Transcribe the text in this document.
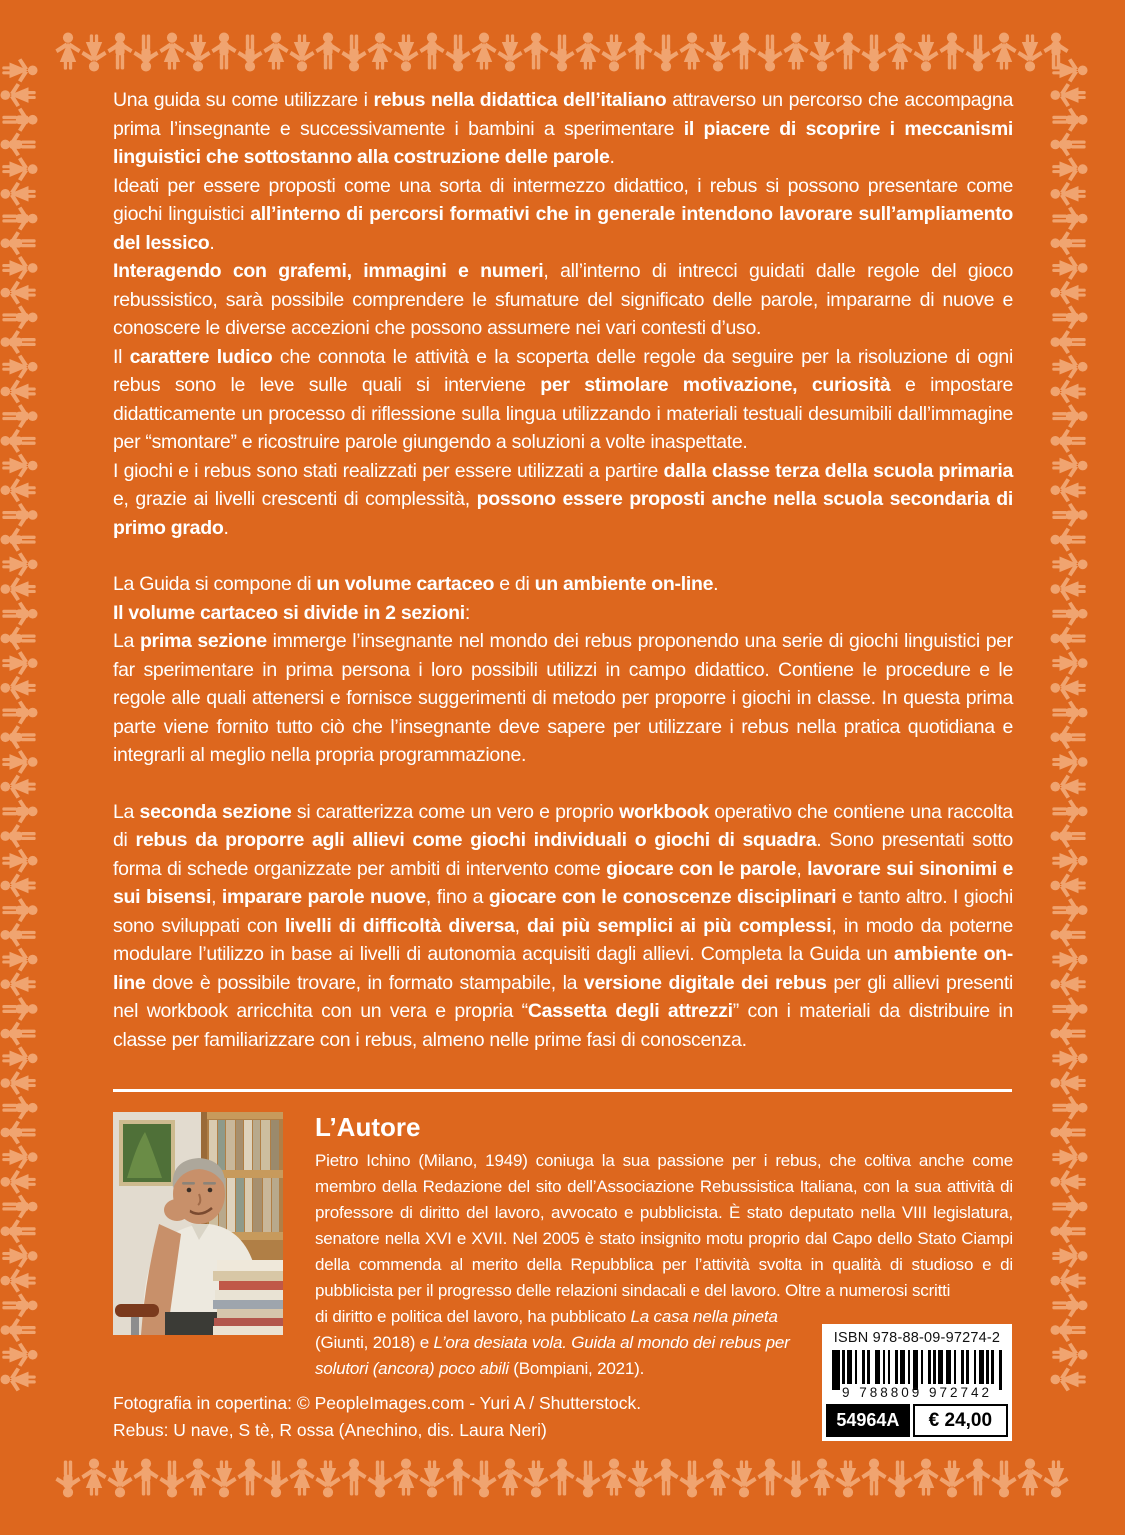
Una guida su come utilizzare i rebus nella didattica dell’italiano attraverso un percorso che accompagna prima l’insegnante e successivamente i bambini a sperimentare il piacere di scoprire i meccanismi linguistici che sottostanno alla costruzione delle parole.

Ideati per essere proposti come una sorta di intermezzo didattico, i rebus si possono presentare come giochi linguistici all’interno di percorsi formativi che in generale intendono lavorare sull’ampliamento del lessico.

Interagendo con grafemi, immagini e numeri, all’interno di intrecci guidati dalle regole del gioco rebussistico, sarà possibile comprendere le sfumature del significato delle parole, impararne di nuove e conoscere le diverse accezioni che possono assumere nei vari contesti d’uso.

Il carattere ludico che connota le attività e la scoperta delle regole da seguire per la risoluzione di ogni rebus sono le leve sulle quali si interviene per stimolare motivazione, curiosità e impostare didatticamente un processo di riflessione sulla lingua utilizzando i materiali testuali desumibili dall’immagine per “smontare” e ricostruire parole giungendo a soluzioni a volte inaspettate.

I giochi e i rebus sono stati realizzati per essere utilizzati a partire dalla classe terza della scuola primaria e, grazie ai livelli crescenti di complessità, possono essere proposti anche nella scuola secondaria di primo grado.

La Guida si compone di un volume cartaceo e di un ambiente on-line.

Il volume cartaceo si divide in 2 sezioni:

La prima sezione immerge l’insegnante nel mondo dei rebus proponendo una serie di giochi linguistici per far sperimentare in prima persona i loro possibili utilizzi in campo didattico. Contiene le procedure e le regole alle quali attenersi e fornisce suggerimenti di metodo per proporre i giochi in classe. In questa prima parte viene fornito tutto ciò che l’insegnante deve sapere per utilizzare i rebus nella pratica quotidiana e integrarli al meglio nella propria programmazione.

La seconda sezione si caratterizza come un vero e proprio workbook operativo che contiene una raccolta di rebus da proporre agli allievi come giochi individuali o giochi di squadra. Sono presentati sotto forma di schede organizzate per ambiti di intervento come giocare con le parole, lavorare sui sinonimi e sui bisensi, imparare parole nuove, fino a giocare con le conoscenze disciplinari e tanto altro. I giochi sono sviluppati con livelli di difficoltà diversa, dai più semplici ai più complessi, in modo da poterne modulare l’utilizzo in base ai livelli di autonomia acquisiti dagli allievi. Completa la Guida un ambiente on-line dove è possibile trovare, in formato stampabile, la versione digitale dei rebus per gli allievi presenti nel workbook arricchita con un vera e propria “Cassetta degli attrezzi” con i materiali da distribuire in classe per familiarizzare con i rebus, almeno nelle prime fasi di conoscenza.

L’Autore

Pietro Ichino (Milano, 1949) coniuga la sua passione per i rebus, che coltiva anche come membro della Redazione del sito dell’Associazione Rebussistica Italiana, con la sua attività di professore di diritto del lavoro, avvocato e pubblicista. È stato deputato nella VIII legislatura, senatore nella XVI e XVII. Nel 2005 è stato insignito motu proprio dal Capo dello Stato Ciampi della commenda al merito della Repubblica per l’attività svolta in qualità di studioso e di pubblicista per il progresso delle relazioni sindacali e del lavoro. Oltre a numerosi scritti

di diritto e politica del lavoro, ha pubblicato La casa nella pineta (Giunti, 2018) e L’ora desiata vola. Guida al mondo dei rebus per solutori (ancora) poco abili (Bompiani, 2021).

Fotografia in copertina: © PeopleImages.com - Yuri A / Shutterstock.
Rebus: U nave, S tè, R ossa (Anechino, dis. Laura Neri)
ISBN 978-88-09-97274-2
9 788809 972742
54964A	€ 24,00
